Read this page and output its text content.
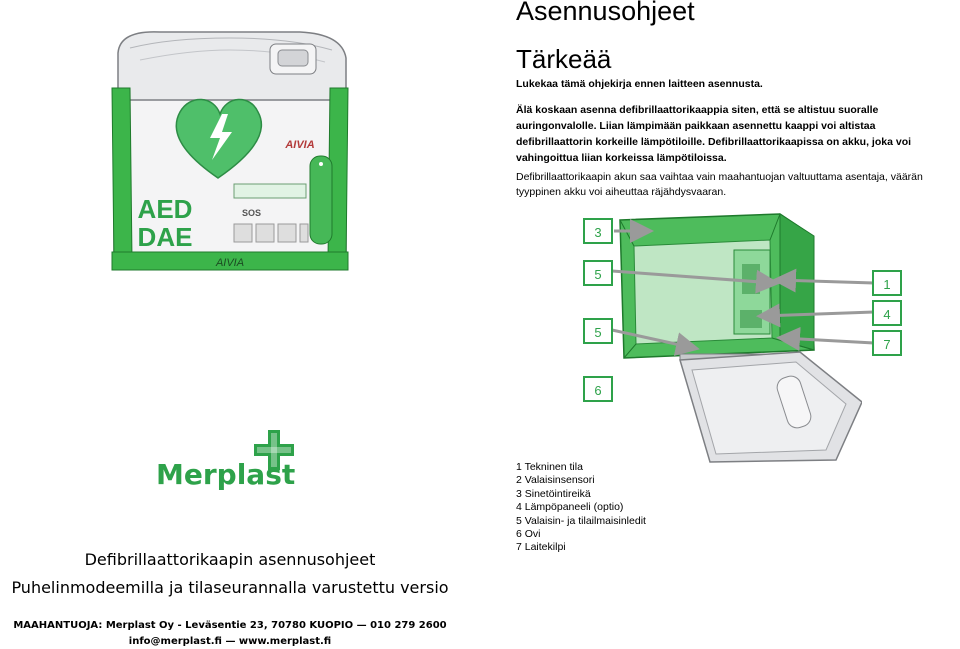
Asennusohjeet
Tärkeää
Lukekaa tämä ohjekirja ennen laitteen asennusta.
Älä koskaan asenna defibrillaattorikaappia siten, että se altistuu suoralle
auringonvalolle. Liian lämpimään paikkaan asennettu kaappi voi altistaa
defibrillaattorin korkeille lämpötiloille. Defibrillaattorikaapissa on akku, joka voi
vahingoittua liian korkeissa lämpötiloissa.
Defibrillaattorikaapin akun saa vaihtaa vain maahantuojan valtuuttama asentaja, väärän
tyyppinen akku voi aiheuttaa räjähdysvaaran.
AIVIA
AIVIA
AED
DAE
SOS
3
5
5
6
1
4
7
1 Tekninen tila
2 Valaisinsensori
3 Sinetöintireikä
4 Lämpöpaneeli (optio)
5 Valaisin- ja tilailmaisinledit
6 Ovi
7 Laitekilpi
Merplast
Defibrillaattorikaapin asennusohjeet
Puhelinmodeemilla ja tilaseurannalla varustettu versio
MAAHANTUOJA: Merplast Oy - Leväsentie 23, 70780 KUOPIO — 010 279 2600
info@merplast.fi — www.merplast.fi
